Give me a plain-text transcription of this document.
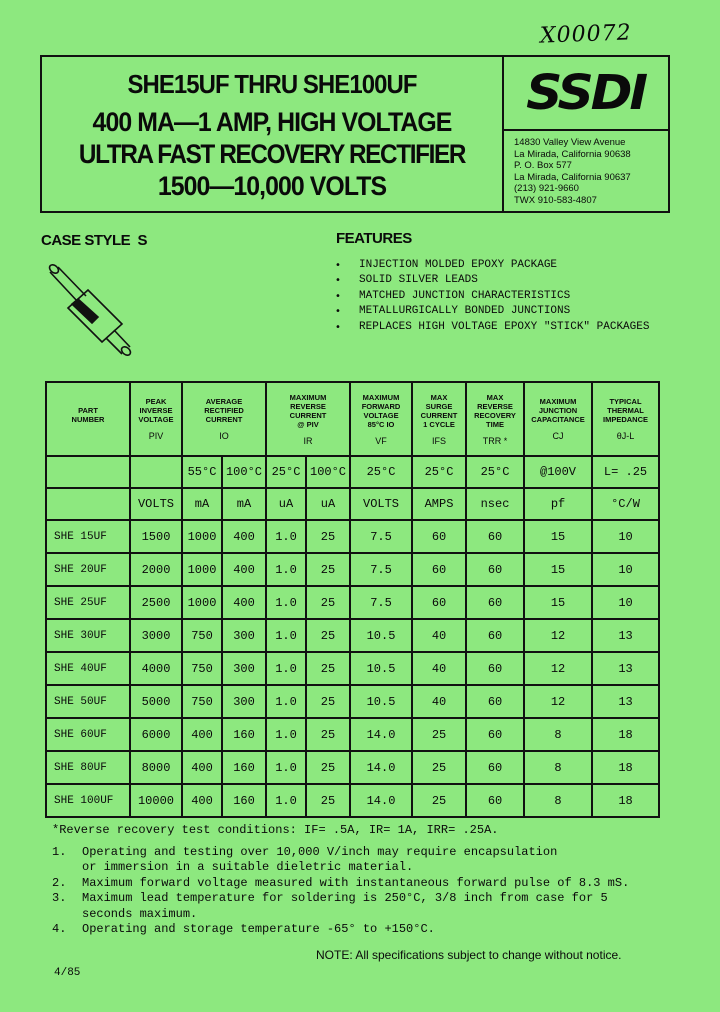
X00072
SHE15UF THRU SHE100UF
400 MA—1 AMP, HIGH VOLTAGE
ULTRA FAST RECOVERY RECTIFIER
1500—10,000 VOLTS
SSDI
14830 Valley View Avenue
La Mirada, California 90638
P. O. Box 577
La Mirada, California 90637
(213) 921-9660
TWX 910-583-4807
CASE STYLE  S	FEATURES
•	INJECTION MOLDED EPOXY PACKAGE
•	SOLID SILVER LEADS
•	MATCHED JUNCTION CHARACTERISTICS
•	METALLURGICALLY BONDED JUNCTIONS
•	REPLACES HIGH VOLTAGE EPOXY "STICK" PACKAGES
PART
NUMBER

PEAK
INVERSE
VOLTAGE
PIV

AVERAGE
RECTIFIED
CURRENT
IO

MAXIMUM
REVERSE
CURRENT
@ PIV
IR

MAXIMUM
FORWARD
VOLTAGE
85°C IO
VF

MAX
SURGE
CURRENT
1 CYCLE
IFS

MAX
REVERSE
RECOVERY
TIME
TRR *

MAXIMUM
JUNCTION
CAPACITANCE
CJ

TYPICAL
THERMAL
IMPEDANCE
θJ-L

		55°C	100°C	25°C	100°C	25°C	25°C	25°C	@100V	L= .25
	VOLTS	mA	mA	uA	uA	VOLTS	AMPS	nsec	pf	°C/W
SHE 15UF	1500	1000	400	1.0	25	7.5	60	60	15	10
SHE 20UF	2000	1000	400	1.0	25	7.5	60	60	15	10
SHE 25UF	2500	1000	400	1.0	25	7.5	60	60	15	10
SHE 30UF	3000	750	300	1.0	25	10.5	40	60	12	13
SHE 40UF	4000	750	300	1.0	25	10.5	40	60	12	13
SHE 50UF	5000	750	300	1.0	25	10.5	40	60	12	13
SHE 60UF	6000	400	160	1.0	25	14.0	25	60	8	18
SHE 80UF	8000	400	160	1.0	25	14.0	25	60	8	18
SHE 100UF	10000	400	160	1.0	25	14.0	25	60	8	18
*Reverse recovery test conditions: IF= .5A, IR= 1A, IRR= .25A.
1.	Operating and testing over 10,000 V/inch may require encapsulation or immersion in a suitable dieletric material.
2.	Maximum forward voltage measured with instantaneous forward pulse of 8.3 mS.
3.	Maximum lead temperature for soldering is 250°C, 3/8 inch from case for 5 seconds maximum.
4.	Operating and storage temperature -65° to +150°C.
NOTE: All specifications subject to change without notice.
4/85
